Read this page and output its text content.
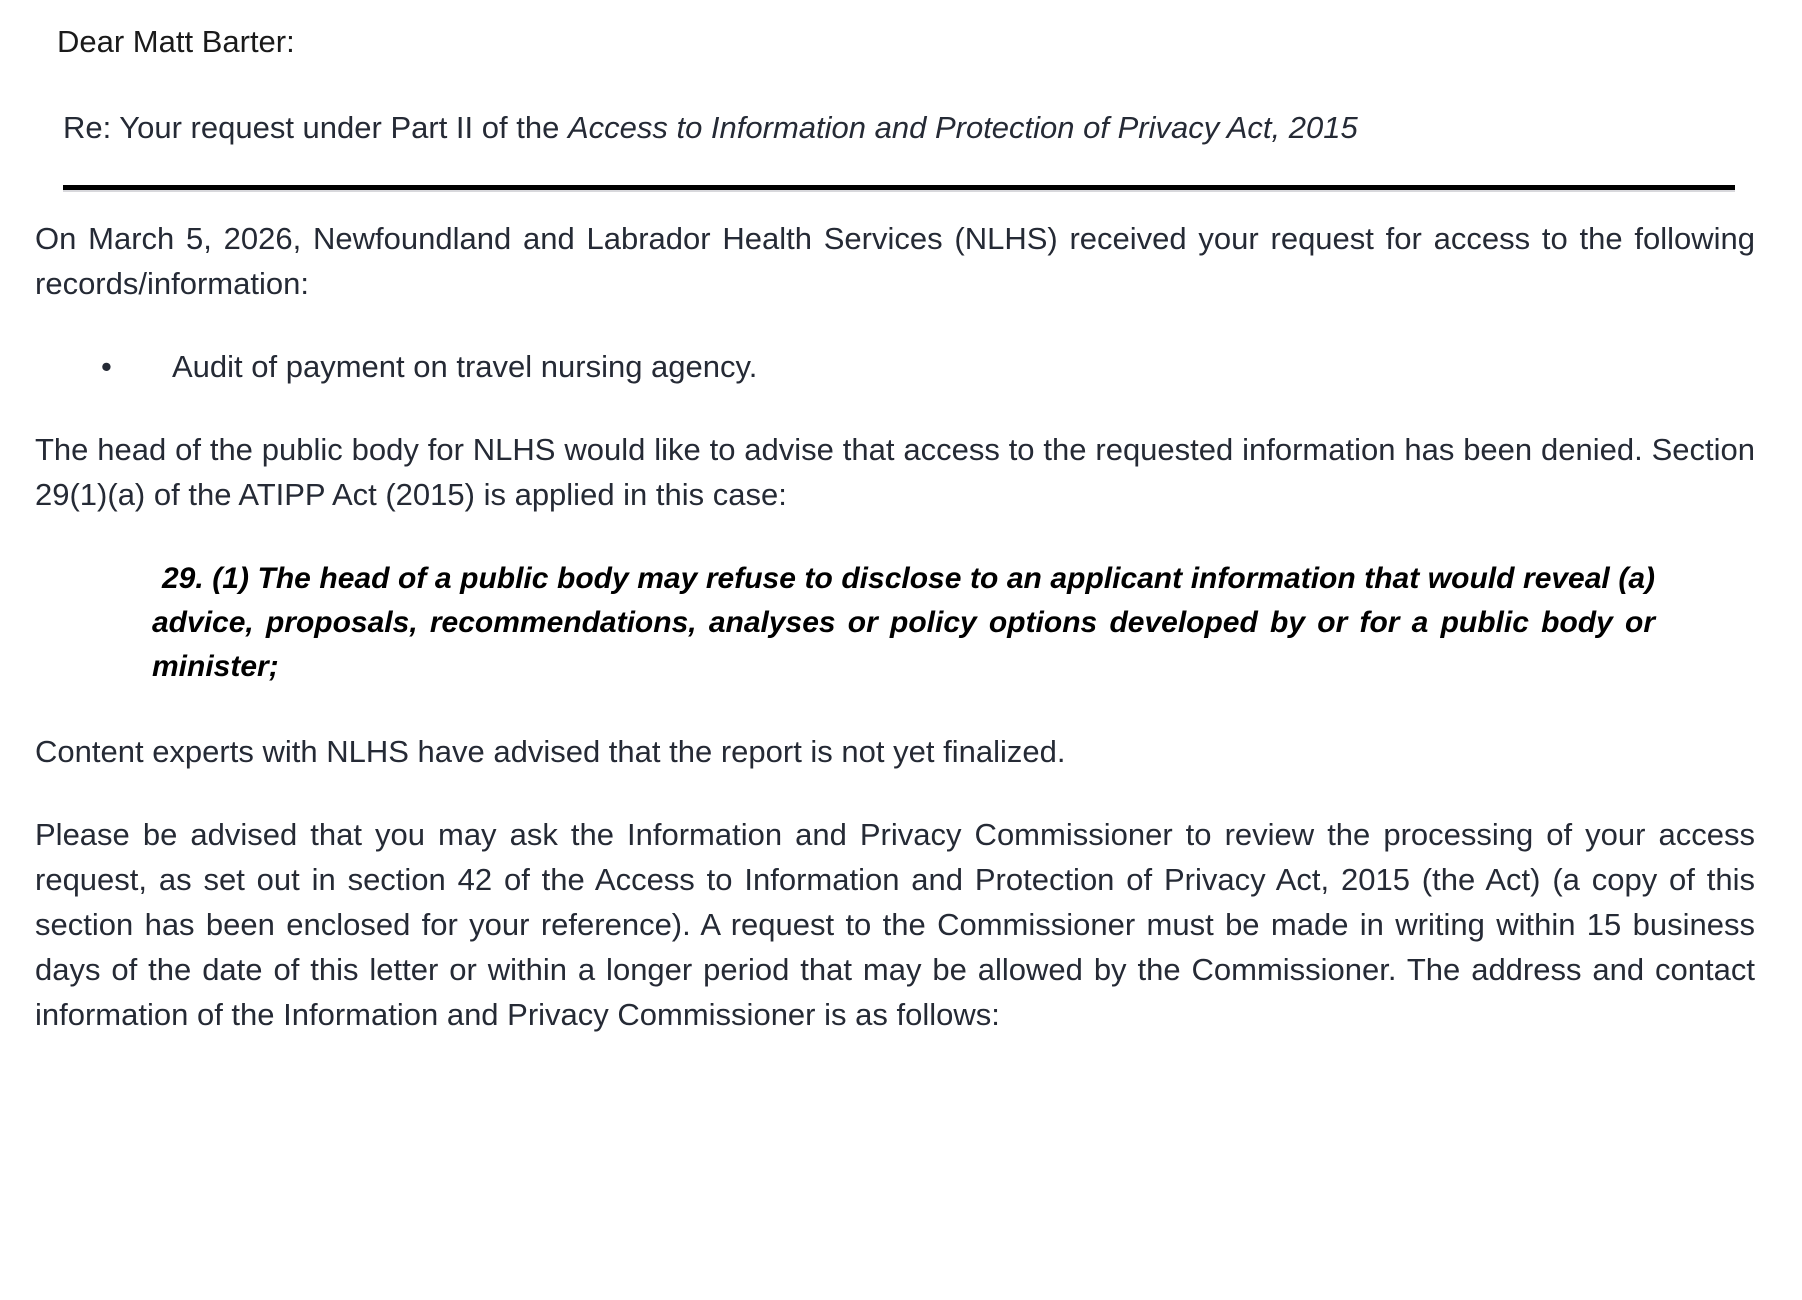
Dear Matt Barter:
Re: Your request under Part II of the Access to Information and Protection of Privacy Act, 2015

On March 5, 2026, Newfoundland and Labrador Health Services (NLHS) received your request for access to the following records/information:

• Audit of payment on travel nursing agency.

The head of the public body for NLHS would like to advise that access to the requested information has been denied. Section 29(1)(a) of the ATIPP Act (2015) is applied in this case:

29. (1) The head of a public body may refuse to disclose to an applicant information that would reveal (a) advice, proposals, recommendations, analyses or policy options developed by or for a public body or minister;

Content experts with NLHS have advised that the report is not yet finalized.

Please be advised that you may ask the Information and Privacy Commissioner to review the processing of your access request, as set out in section 42 of the Access to Information and Protection of Privacy Act, 2015 (the Act) (a copy of this section has been enclosed for your reference). A request to the Commissioner must be made in writing within 15 business days of the date of this letter or within a longer period that may be allowed by the Commissioner. The address and contact information of the Information and Privacy Commissioner is as follows:
